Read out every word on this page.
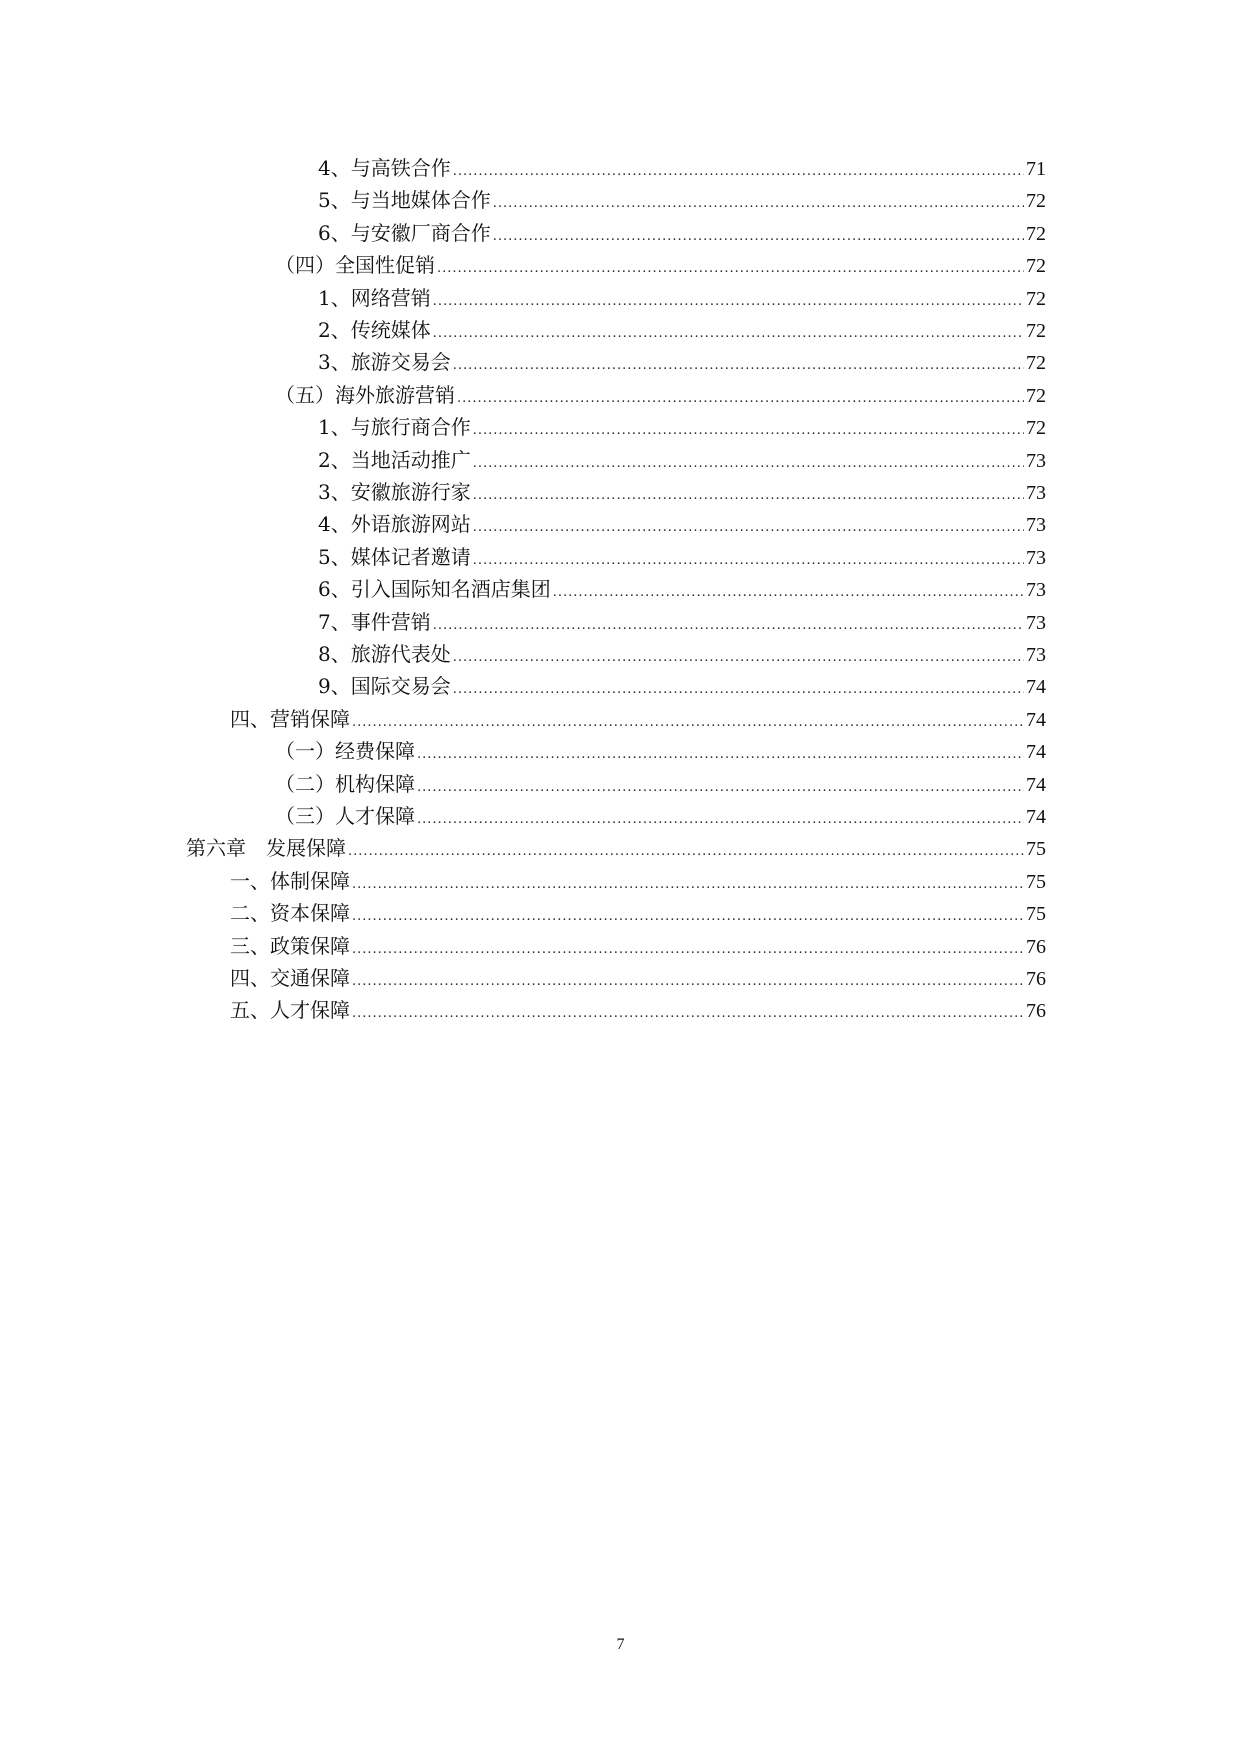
4、与高铁合作 .....	71
5、与当地媒体合作 .....	72
6、与安徽厂商合作 .....	72
（四）全国性促销 .....	72
1、网络营销 .....	72
2、传统媒体 .....	72
3、旅游交易会 .....	72
（五）海外旅游营销 .....	72
1、与旅行商合作 .....	72
2、当地活动推广 .....	73
3、安徽旅游行家 .....	73
4、外语旅游网站 .....	73
5、媒体记者邀请 .....	73
6、引入国际知名酒店集团 .....	73
7、事件营销 .....	73
8、旅游代表处 .....	73
9、国际交易会 .....	74
四、营销保障 .....	74
（一）经费保障 .....	74
（二）机构保障 .....	74
（三）人才保障 .....	74
第六章　发展保障 .....	75
一、体制保障 .....	75
二、资本保障 .....	75
三、政策保障 .....	76
四、交通保障 .....	76
五、人才保障 .....	76
7
